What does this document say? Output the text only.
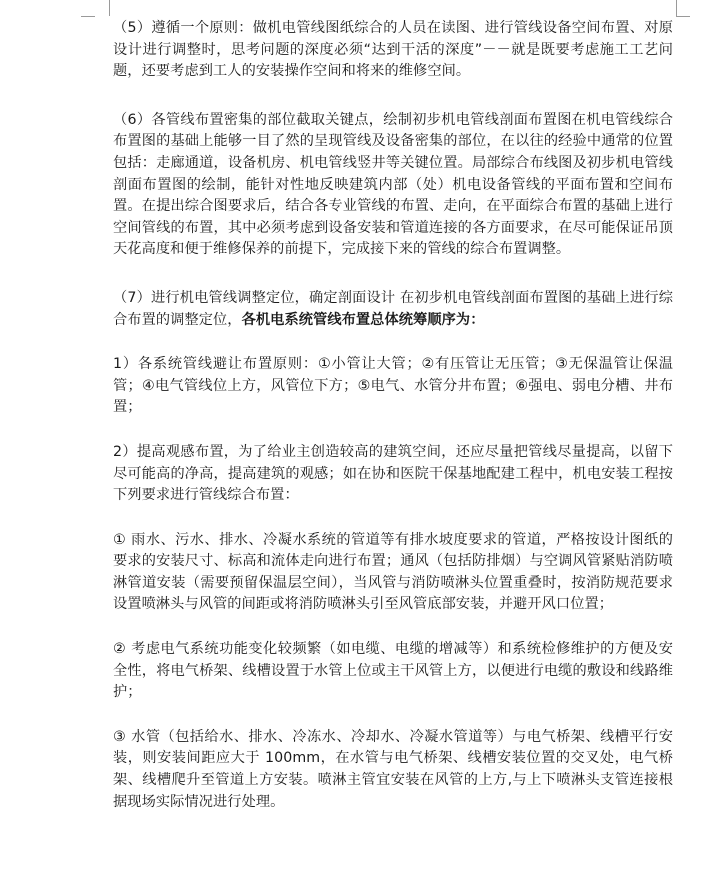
（5）遵循一个原则：做机电管线图纸综合的人员在读图、进行管线设备空间布置、对原设计进行调整时，思考问题的深度必须“达到干活的深度”－－就是既要考虑施工工艺问题，还要考虑到工人的安装操作空间和将来的维修空间。

（6）各管线布置密集的部位截取关键点，绘制初步机电管线剖面布置图在机电管线综合布置图的基础上能够一目了然的呈现管线及设备密集的部位，在以往的经验中通常的位置包括：走廊通道，设备机房、机电管线竖井等关键位置。局部综合布线图及初步机电管线剖面布置图的绘制，能针对性地反映建筑内部（处）机电设备管线的平面布置和空间布置。在提出综合图要求后，结合各专业管线的布置、走向，在平面综合布置的基础上进行空间管线的布置，其中必须考虑到设备安装和管道连接的各方面要求，在尽可能保证吊顶天花高度和便于维修保养的前提下，完成接下来的管线的综合布置调整。

（7）进行机电管线调整定位，确定剖面设计 在初步机电管线剖面布置图的基础上进行综合布置的调整定位，各机电系统管线布置总体统筹顺序为：

1）各系统管线避让布置原则：①小管让大管；②有压管让无压管；③无保温管让保温管；④电气管线位上方，风管位下方；⑤电气、水管分井布置；⑥强电、弱电分槽、井布置；

2）提高观感布置，为了给业主创造较高的建筑空间，还应尽量把管线尽量提高，以留下尽可能高的净高，提高建筑的观感；如在协和医院干保基地配建工程中，机电安装工程按下列要求进行管线综合布置：

① 雨水、污水、排水、冷凝水系统的管道等有排水坡度要求的管道，严格按设计图纸的要求的安装尺寸、标高和流体走向进行布置；通风（包括防排烟）与空调风管紧贴消防喷淋管道安装（需要预留保温层空间），当风管与消防喷淋头位置重叠时，按消防规范要求设置喷淋头与风管的间距或将消防喷淋头引至风管底部安装，并避开风口位置；

② 考虑电气系统功能变化较频繁（如电缆、电缆的增减等）和系统检修维护的方便及安全性，将电气桥架、线槽设置于水管上位或主干风管上方，以便进行电缆的敷设和线路维护；

③ 水管（包括给水、排水、冷冻水、冷却水、冷凝水管道等）与电气桥架、线槽平行安装，则安装间距应大于 100mm，在水管与电气桥架、线槽安装位置的交叉处，电气桥架、线槽爬升至管道上方安装。喷淋主管宜安装在风管的上方,与上下喷淋头支管连接根据现场实际情况进行处理。
